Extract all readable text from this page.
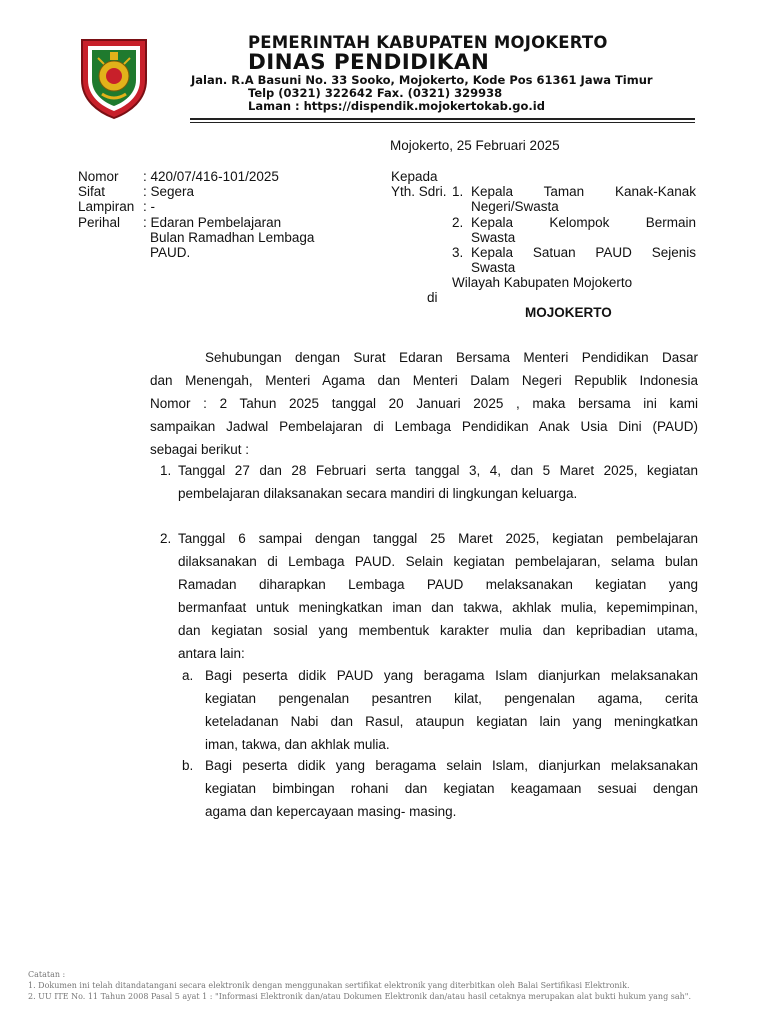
PEMERINTAH KABUPATEN MOJOKERTO
DINAS PENDIDIKAN
Jalan. R.A Basuni No. 33 Sooko, Mojokerto, Kode Pos 61361 Jawa Timur
Telp (0321) 322642 Fax. (0321) 329938
Laman : https://dispendik.mojokertokab.go.id
Mojokerto, 25 Februari 2025
Nomor : 420/07/416-101/2025
Sifat	: Segera
Lampiran : -
Perihal : Edaran Pembelajaran
Bulan Ramadhan Lembaga
PAUD.
Kepada
Yth. Sdri. 1. Kepala Taman Kanak-Kanak
Negeri/Swasta
2. Kepala Kelompok Bermain
Swasta
3. Kepala Satuan PAUD Sejenis
Swasta
Wilayah Kabupaten Mojokerto
di
MOJOKERTO
Sehubungan dengan Surat Edaran Bersama Menteri Pendidikan Dasar
dan Menengah, Menteri Agama dan Menteri Dalam Negeri Republik Indonesia
Nomor : 2 Tahun 2025 tanggal 20 Januari 2025 , maka bersama ini kami
sampaikan Jadwal Pembelajaran di Lembaga Pendidikan Anak Usia Dini (PAUD)
sebagai berikut :
1. Tanggal 27 dan 28 Februari serta tanggal 3, 4, dan 5 Maret 2025, kegiatan
pembelajaran dilaksanakan secara mandiri di lingkungan keluarga.
2. Tanggal 6 sampai dengan tanggal 25 Maret 2025, kegiatan pembelajaran
dilaksanakan di Lembaga PAUD. Selain kegiatan pembelajaran, selama bulan
Ramadan diharapkan Lembaga PAUD melaksanakan kegiatan yang
bermanfaat untuk meningkatkan iman dan takwa, akhlak mulia, kepemimpinan,
dan kegiatan sosial yang membentuk karakter mulia dan kepribadian utama,
antara lain:
a. Bagi peserta didik PAUD yang beragama Islam dianjurkan melaksanakan
kegiatan pengenalan pesantren kilat, pengenalan agama, cerita
keteladanan Nabi dan Rasul, ataupun kegiatan lain yang meningkatkan
iman, takwa, dan akhlak mulia.
b. Bagi peserta didik yang beragama selain Islam, dianjurkan melaksanakan
kegiatan bimbingan rohani dan kegiatan keagamaan sesuai dengan
agama dan kepercayaan masing- masing.
Catatan :
1. Dokumen ini telah ditandatangani secara elektronik dengan menggunakan sertifikat elektronik yang diterbitkan oleh Balai Sertifikasi Elektronik.
2. UU ITE No. 11 Tahun 2008 Pasal 5 ayat 1 : "Informasi Elektronik dan/atau Dokumen Elektronik dan/atau hasil cetaknya merupakan alat bukti hukum yang sah".
